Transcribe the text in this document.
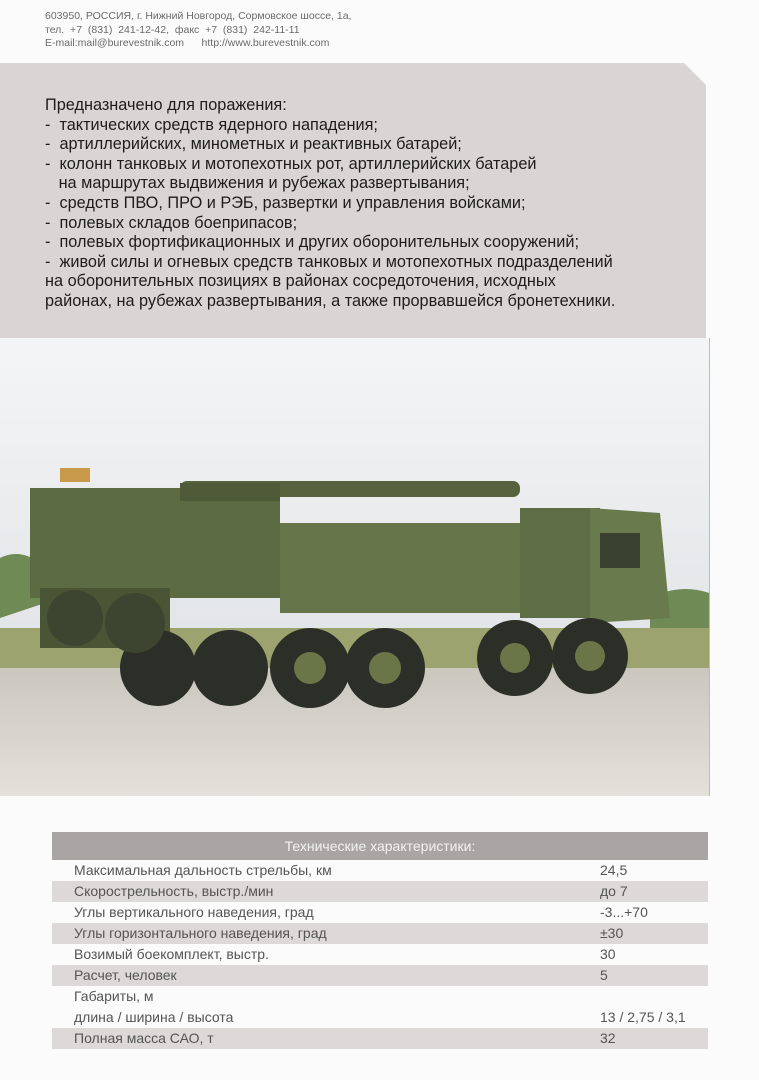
603950, РОССИЯ, г. Нижний Новгород, Сормовское шоссе, 1а,
тел.  +7  (831)  241-12-42,  факс  +7  (831)  242-11-11
E-mail:mail@burevestnik.com      http://www.burevestnik.com
Предназначено для поражения:
-  тактических средств ядерного нападения;
-  артиллерийских, минометных и реактивных батарей;
-  колонн танковых и мотопехотных рот, артиллерийских батарей
на маршрутах выдвижения и рубежах развертывания;
-  средств ПВО, ПРО и РЭБ, развертки и управления войсками;
-  полевых складов боеприпасов;
-  полевых фортификационных и других оборонительных сооружений;
-  живой силы и огневых средств танковых и мотопехотных подразделений
на оборонительных позициях в районах сосредоточения, исходных
районах, на рубежах развертывания, а также прорвавшейся бронетехники.
Технические характеристики:
Максимальная дальность стрельбы, км	24,5
Скорострельность, выстр./мин	до 7
Углы вертикального наведения, град	-3...+70
Углы горизонтального наведения, град	±30
Возимый боекомплект, выстр.	30
Расчет, человек	5
Габариты, м
длина / ширина / высота	13 / 2,75 / 3,1
Полная масса САО, т	32
